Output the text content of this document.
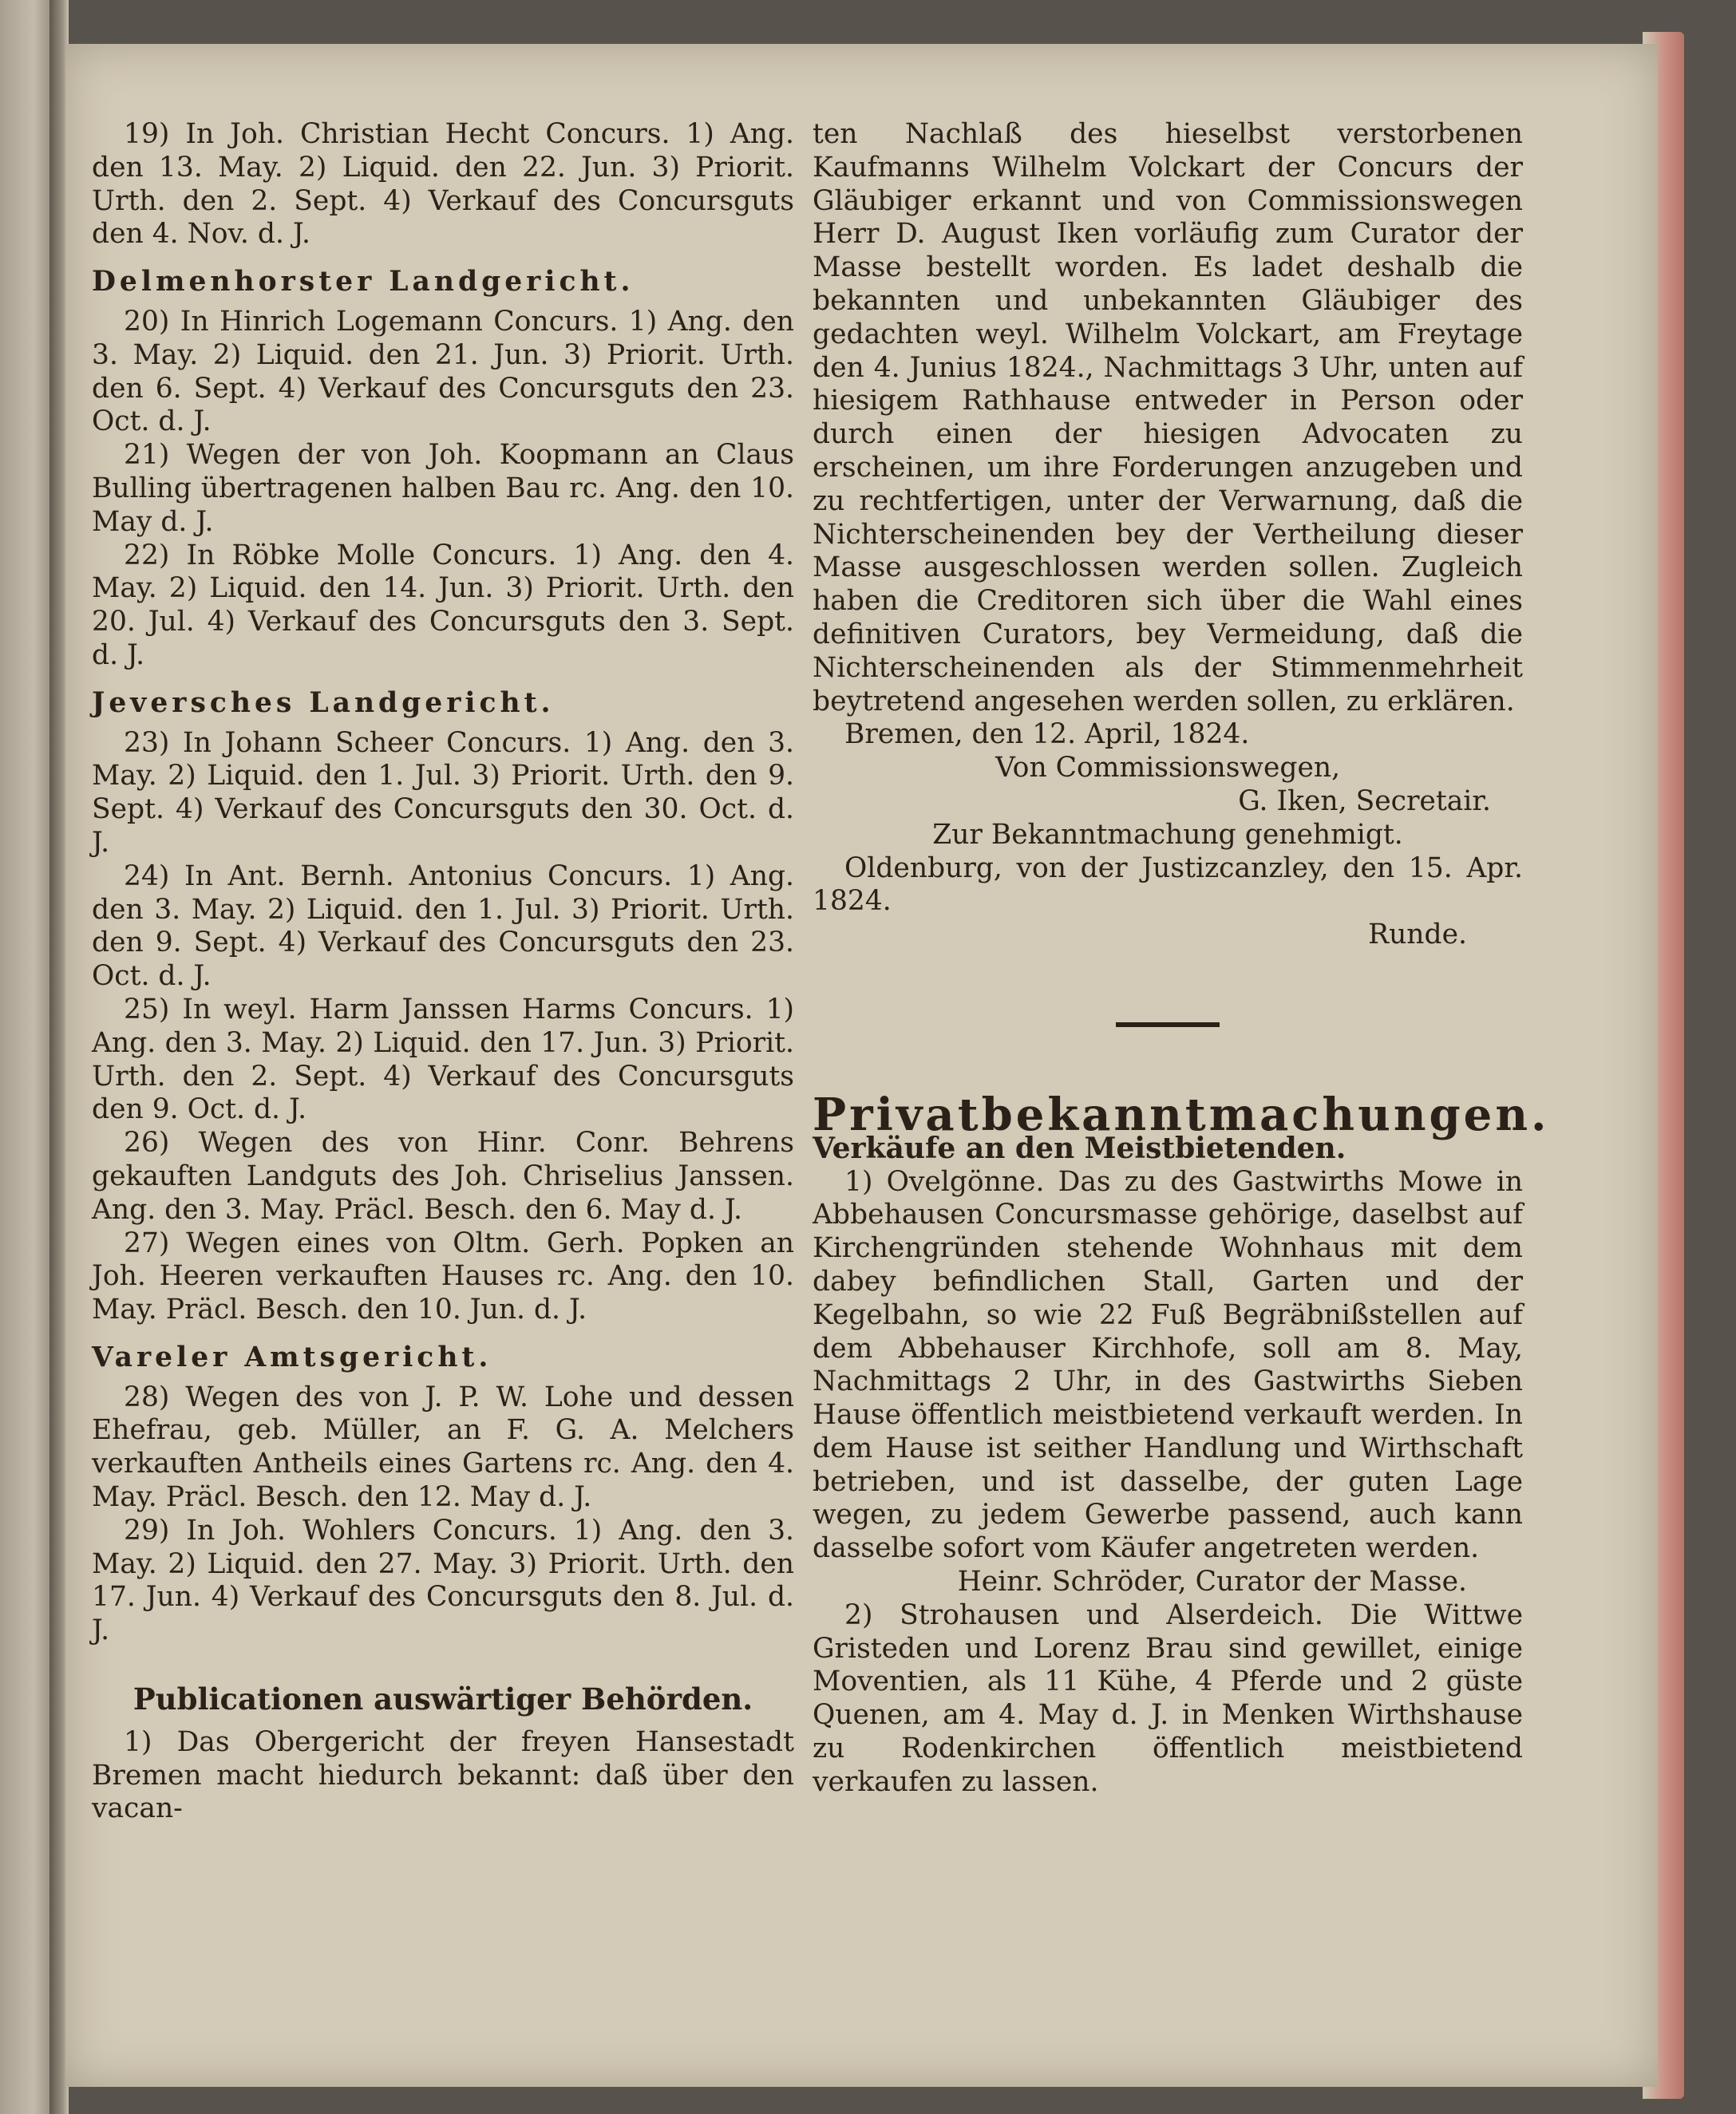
19) In Joh. Christian Hecht Concurs. 1) Ang. den 13. May. 2) Liquid. den 22. Jun. 3) Priorit. Urth. den 2. Sept. 4) Verkauf des Concursguts den 4. Nov. d. J.

Delmenhorster Landgericht.

20) In Hinrich Logemann Concurs. 1) Ang. den 3. May. 2) Liquid. den 21. Jun. 3) Priorit. Urth. den 6. Sept. 4) Verkauf des Concursguts den 23. Oct. d. J.

21) Wegen der von Joh. Koopmann an Claus Bulling übertragenen halben Bau rc. Ang. den 10. May d. J.

22) In Röbke Molle Concurs. 1) Ang. den 4. May. 2) Liquid. den 14. Jun. 3) Priorit. Urth. den 20. Jul. 4) Verkauf des Concursguts den 3. Sept. d. J.

Jeversches Landgericht.

23) In Johann Scheer Concurs. 1) Ang. den 3. May. 2) Liquid. den 1. Jul. 3) Priorit. Urth. den 9. Sept. 4) Verkauf des Concursguts den 30. Oct. d. J.

24) In Ant. Bernh. Antonius Concurs. 1) Ang. den 3. May. 2) Liquid. den 1. Jul. 3) Priorit. Urth. den 9. Sept. 4) Verkauf des Concursguts den 23. Oct. d. J.

25) In weyl. Harm Janssen Harms Concurs. 1) Ang. den 3. May. 2) Liquid. den 17. Jun. 3) Priorit. Urth. den 2. Sept. 4) Verkauf des Concursguts den 9. Oct. d. J.

26) Wegen des von Hinr. Conr. Behrens gekauften Landguts des Joh. Chriselius Janssen. Ang. den 3. May. Präcl. Besch. den 6. May d. J.

27) Wegen eines von Oltm. Gerh. Popken an Joh. Heeren verkauften Hauses rc. Ang. den 10. May. Präcl. Besch. den 10. Jun. d. J.

Vareler Amtsgericht.

28) Wegen des von J. P. W. Lohe und dessen Ehefrau, geb. Müller, an F. G. A. Melchers verkauften Antheils eines Gartens rc. Ang. den 4. May. Präcl. Besch. den 12. May d. J.

29) In Joh. Wohlers Concurs. 1) Ang. den 3. May. 2) Liquid. den 27. May. 3) Priorit. Urth. den 17. Jun. 4) Verkauf des Concursguts den 8. Jul. d. J.

Publicationen auswärtiger Behörden.

1) Das Obergericht der freyen Hansestadt Bremen macht hiedurch bekannt: daß über den vacan-

ten Nachlaß des hieselbst verstorbenen Kaufmanns Wilhelm Volckart der Concurs der Gläubiger erkannt und von Commissionswegen Herr D. August Iken vorläufig zum Curator der Masse bestellt worden. Es ladet deshalb die bekannten und unbekannten Gläubiger des gedachten weyl. Wilhelm Volckart, am Freytage den 4. Junius 1824., Nachmittags 3 Uhr, unten auf hiesigem Rathhause entweder in Person oder durch einen der hiesigen Advocaten zu erscheinen, um ihre Forderungen anzugeben und zu rechtfertigen, unter der Verwarnung, daß die Nichterscheinenden bey der Vertheilung dieser Masse ausgeschlossen werden sollen. Zugleich haben die Creditoren sich über die Wahl eines definitiven Curators, bey Vermeidung, daß die Nichterscheinenden als der Stimmenmehrheit beytretend angesehen werden sollen, zu erklären.

Bremen, den 12. April, 1824.

Von Commissionswegen,

G. Iken, Secretair.

Zur Bekanntmachung genehmigt.

Oldenburg, von der Justizcanzley, den 15. Apr. 1824.

Runde.

Privatbekanntmachungen.

Verkäufe an den Meistbietenden.

1) Ovelgönne. Das zu des Gastwirths Mowe in Abbehausen Concursmasse gehörige, daselbst auf Kirchengründen stehende Wohnhaus mit dem dabey befindlichen Stall, Garten und der Kegelbahn, so wie 22 Fuß Begräbnißstellen auf dem Abbehauser Kirchhofe, soll am 8. May, Nachmittags 2 Uhr, in des Gastwirths Sieben Hause öffentlich meistbietend verkauft werden. In dem Hause ist seither Handlung und Wirthschaft betrieben, und ist dasselbe, der guten Lage wegen, zu jedem Gewerbe passend, auch kann dasselbe sofort vom Käufer angetreten werden.

Heinr. Schröder, Curator der Masse.

2) Strohausen und Alserdeich. Die Wittwe Gristeden und Lorenz Brau sind gewillet, einige Moventien, als 11 Kühe, 4 Pferde und 2 güste Quenen, am 4. May d. J. in Menken Wirthshause zu Rodenkirchen öffentlich meistbietend verkaufen zu lassen.
